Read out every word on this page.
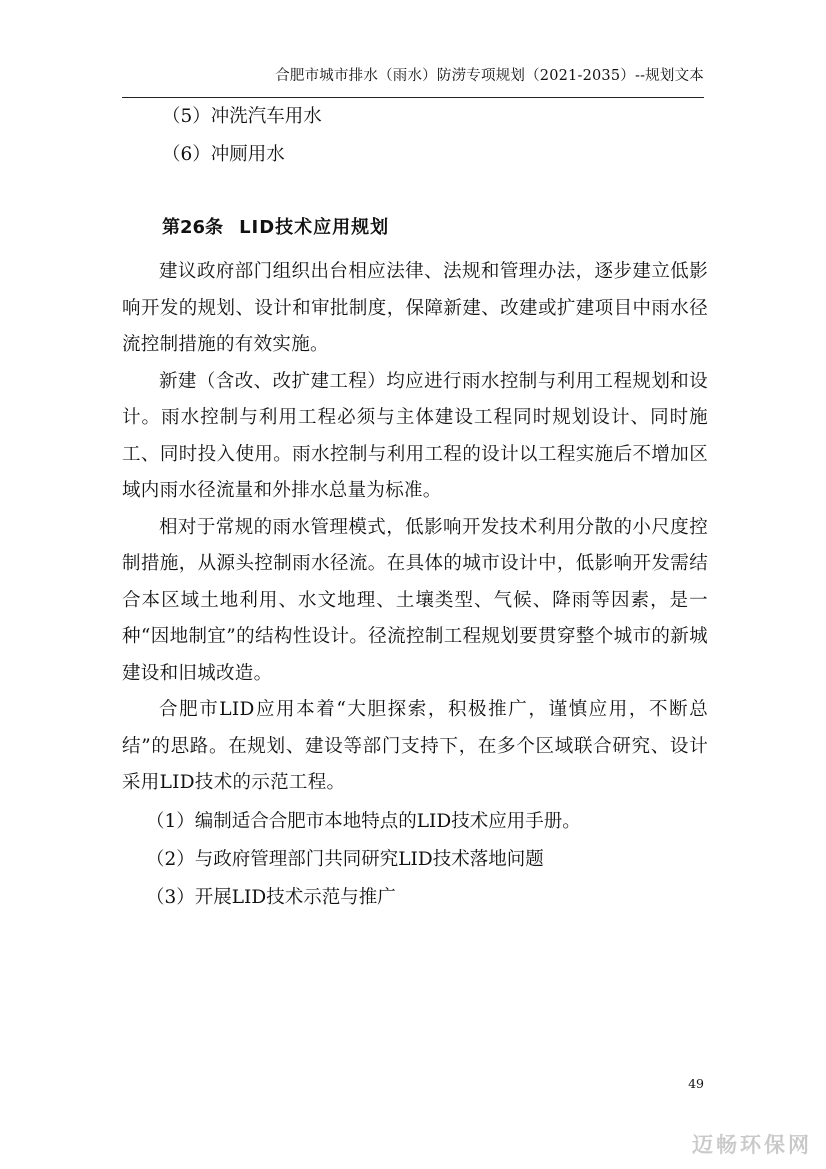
合肥市城市排水（雨水）防涝专项规划（2021-2035）--规划文本
（5）冲洗汽车用水
（6）冲厕用水
第26条 LID技术应用规划

建议政府部门组织出台相应法律、法规和管理办法，逐步建立低影响开发的规划、设计和审批制度，保障新建、改建或扩建项目中雨水径流控制措施的有效实施。

新建（含改、改扩建工程）均应进行雨水控制与利用工程规划和设计。雨水控制与利用工程必须与主体建设工程同时规划设计、同时施工、同时投入使用。雨水控制与利用工程的设计以工程实施后不增加区域内雨水径流量和外排水总量为标准。

相对于常规的雨水管理模式，低影响开发技术利用分散的小尺度控制措施，从源头控制雨水径流。在具体的城市设计中，低影响开发需结合本区域土地利用、水文地理、土壤类型、气候、降雨等因素，是一种“因地制宜”的结构性设计。径流控制工程规划要贯穿整个城市的新城建设和旧城改造。

合肥市LID应用本着“大胆探索，积极推广，谨慎应用，不断总结”的思路。在规划、建设等部门支持下，在多个区域联合研究、设计采用LID技术的示范工程。

（1）编制适合合肥市本地特点的LID技术应用手册。
（2）与政府管理部门共同研究LID技术落地问题
（3）开展LID技术示范与推广
49
迈畅环保网
